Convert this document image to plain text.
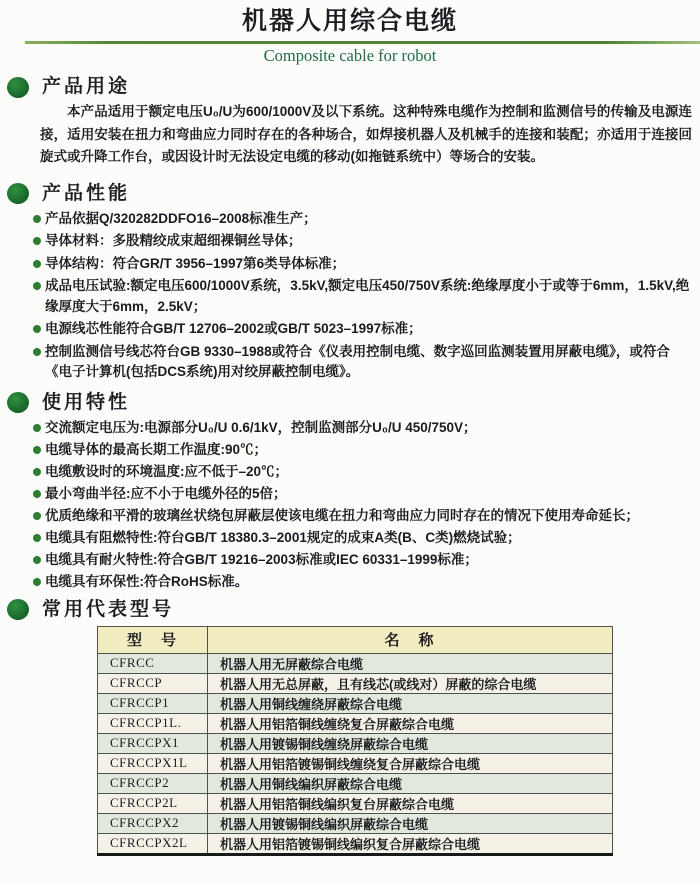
机器人用综合电缆
Composite cable for robot
产品用途

本产品适用于额定电压U₀/U为600/1000V及以下系统。这种特殊电缆作为控制和监测信号的传输及电源连接，适用安装在扭力和弯曲应力同时存在的各种场合，如焊接机器人及机械手的连接和装配；亦适用于连接回旋式或升降工作台，或因设计时无法设定电缆的移动(如拖链系统中）等场合的安装。

产品性能
产品依据Q/320282DDFO16–2008标准生产；
导体材料：多股精绞成束超细裸铜丝导体；
导体结构：符合GR/T 3956–1997第6类导体标准；
成品电压试验:额定电压600/1000V系统，3.5kV,额定电压450/750V系统:绝缘厚度小于或等于6mm，1.5kV,绝缘厚度大于6mm，2.5kV；
电源线芯性能符合GB/T 12706–2002或GB/T 5023–1997标准；
控制监测信号线芯符台GB 9330–1988或符合《仪表用控制电缆、数字巡回监测装置用屏蔽电缆》，或符合《电子计算机(包括DCS系统)用对绞屏蔽控制电缆》。
使用特性
交流额定电压为:电源部分U₀/U 0.6/1kV，控制监测部分U₀/U 450/750V；
电缆导体的最高长期工作温度:90℃；
电缆敷设时的环境温度:应不低于–20℃；
最小弯曲半径:应不小于电缆外径的5倍；
优质绝缘和平滑的玻璃丝状绕包屏蔽层使该电缆在扭力和弯曲应力同时存在的情况下使用寿命延长；
电缆具有阻燃特性:符台GB/T 18380.3–2001规定的成束A类(B、C类)燃烧试验；
电缆具有耐火特性:符合GB/T 19216–2003标准或IEC 60331–1999标准；
电缆具有环保性:符合RoHS标准。
常用代表型号
型　号	名　称
CFRCC	机器人用无屏蔽综合电缆
CFRCCP	机器人用无总屏蔽，且有线芯(或线对）屏蔽的综合电缆
CFRCCP1	机器人用铜线缠绕屏蔽综合电缆
CFRCCP1L.	机器人用铝箔铜线缠绕复合屏蔽综合电缆
CFRCCPX1	机器人用镀锡铜线缠绕屏蔽综合电缆
CFRCCPX1L	机器人用铝箔镀锡铜线缠绕复合屏蔽综合电缆
CFRCCP2	机器人用铜线编织屏蔽综合电缆
CFRCCP2L	机器人用铝箔铜线编织复台屏蔽综合电缆
CFRCCPX2	机器人用镀锡铜线编织屏蔽综合电缆
CFRCCPX2L	机器人用铝箔镀锡铜线编织复合屏蔽综合电缆
